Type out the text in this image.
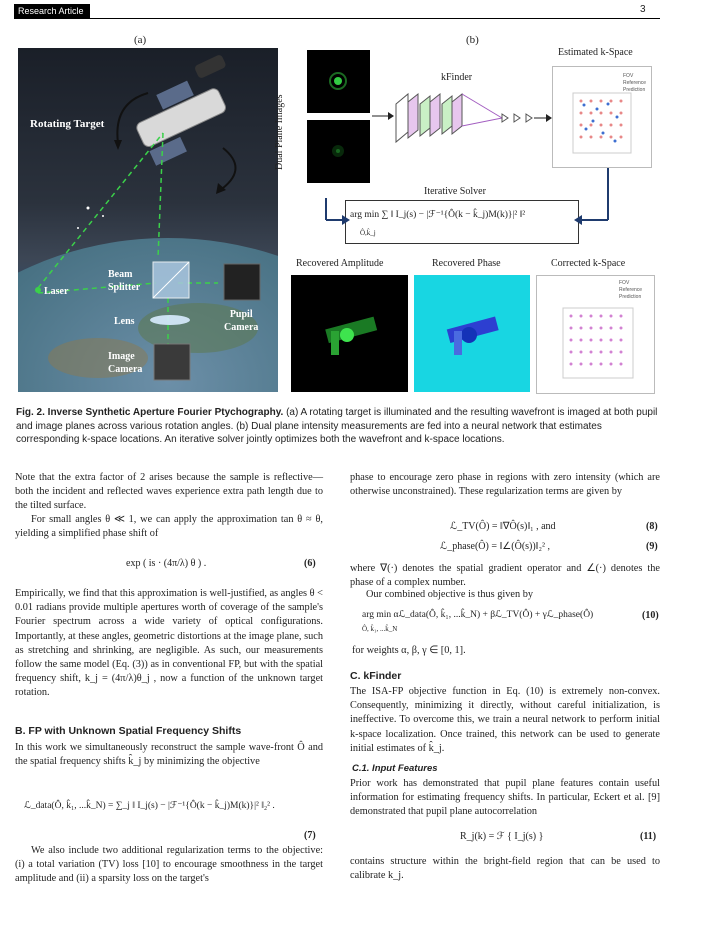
Research Article	3
(a)	(b)
Rotating Target
Laser
Beam
Splitter
Lens
Pupil
Camera
Image
Camera
Dual Plane Images
kFinder
Estimated k-Space
FOV
Reference
Prediction
Iterative Solver
arg min ∑ ‖ I_j(s) − |ℱ⁻¹{Ô(k − k̂_j)M(k)}|² ‖²
Ô,k̂_j
Recovered Amplitude	Recovered Phase	Corrected k-Space
FOV
Reference
Prediction
Fig. 2. Inverse Synthetic Aperture Fourier Ptychography. (a) A rotating target is illuminated and the resulting wavefront is imaged at both pupil and image planes across various rotation angles. (b) Dual plane intensity measurements are fed into a neural network that estimates corresponding k-space locations. An iterative solver jointly optimizes both the wavefront and k-space locations.
Note that the extra factor of 2 arises because the sample is reflective—both the incident and reflected waves experience extra path length due to the tilted surface.
For small angles θ ≪ 1, we can apply the approximation tan θ ≈ θ, yielding a simplified phase shift of
exp ( is · (4π/λ) θ ) .	(6)
Empirically, we find that this approximation is well-justified, as angles θ < 0.01 radians provide multiple apertures worth of coverage of the sample's Fourier spectrum across a wide variety of optical configurations. Importantly, at these angles, geometric distortions at the image plane, such as stretching and shrinking, are negligible. As such, our measurements follow the same model (Eq. (3)) as in conventional FP, but with the spatial frequency shift, k_j = (4π/λ)θ_j , now a function of the unknown target rotation.
B. FP with Unknown Spatial Frequency Shifts
In this work we simultaneously reconstruct the sample wave-front Ô and the spatial frequency shifts k̂_j by minimizing the objective
ℒ_data(Ô, k̂₁, ...k̂_N) = ∑_j ‖ I_j(s) − |ℱ⁻¹{Ô(k − k̂_j)M(k)}|² ‖₂² .
(7)
We also include two additional regularization terms to the objective: (i) a total variation (TV) loss [10] to encourage smoothness in the target amplitude and (ii) a sparsity loss on the target's
phase to encourage zero phase in regions with zero intensity (which are otherwise unconstrained). These regularization terms are given by
ℒ_TV(Ô) = ‖∇Ô(s)‖₁ , and	(8)
ℒ_phase(Ô) = ‖∠(Ô(s))‖₂² ,	(9)
where ∇(·) denotes the spatial gradient operator and ∠(·) denotes the phase of a complex number.
Our combined objective is thus given by
arg min αℒ_data(Ô, k̂₁, ...k̂_N) + βℒ_TV(Ô) + γℒ_phase(Ô)
Ô, k̂₁, ...k̂_N
(10)
for weights α, β, γ ∈ [0, 1].
C. kFinder
The ISA-FP objective function in Eq. (10) is extremely non-convex. Consequently, minimizing it directly, without careful initialization, is ineffective. To overcome this, we train a neural network to perform initial k-space localization. Once trained, this network can be used to generate initial estimates of k̂_j.
C.1. Input Features
Prior work has demonstrated that pupil plane features contain useful information for estimating frequency shifts. In particular, Eckert et al. [9] demonstrated that pupil plane autocorrelation
R_j(k) = ℱ { I_j(s) }	(11)
contains structure within the bright-field region that can be used to calibrate k_j.
